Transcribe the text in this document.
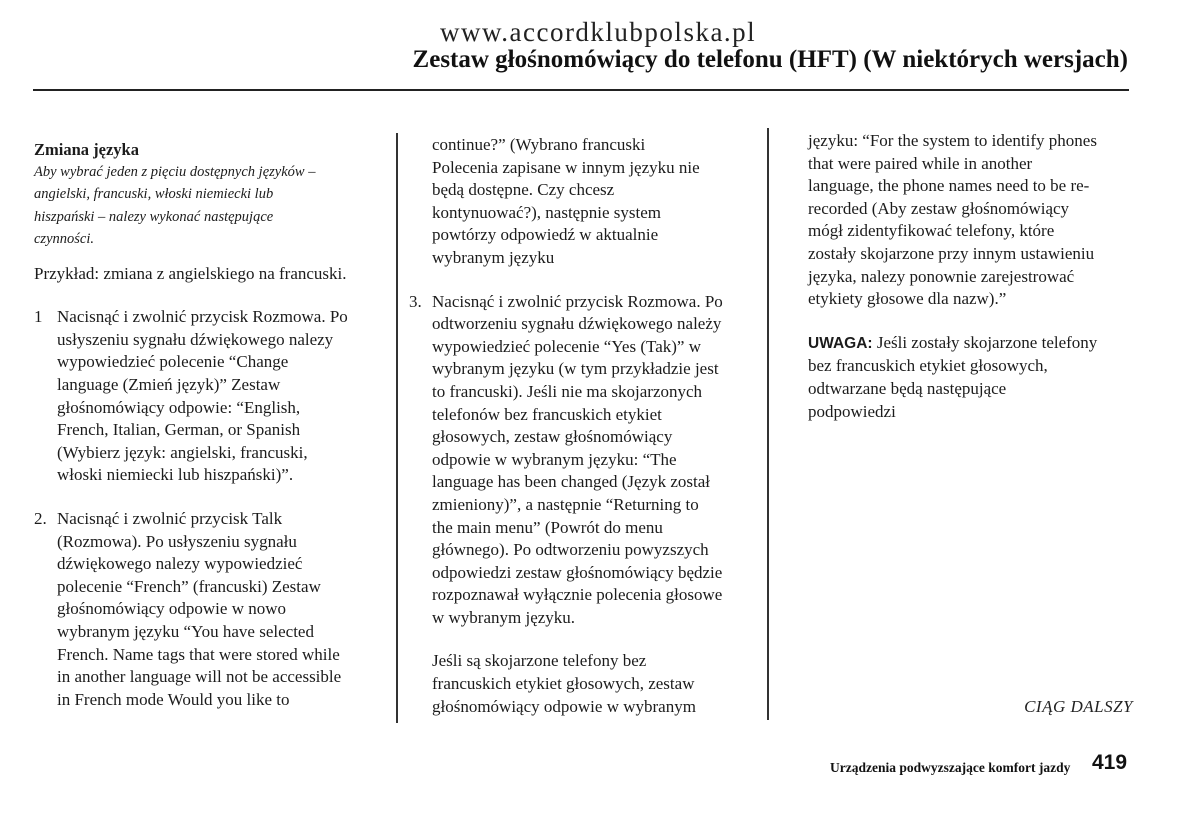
www.accordklubpolska.pl
Zestaw głośnomówiący do telefonu (HFT) (W niektórych wersjach)
Zmiana języka
Aby wybrać jeden z pięciu dostępnych języków –
angielski, francuski, włoski niemiecki lub
hiszpański – nalezy wykonać następujące
czynności.

Przykład: zmiana z angielskiego na francuski.

1 Nacisnąć i zwolnić przycisk Rozmowa. Po
usłyszeniu sygnału dźwiękowego nalezy
wypowiedzieć polecenie “Change
language (Zmień język)” Zestaw
głośnomówiący odpowie: “English,
French, Italian, German, or Spanish
(Wybierz język: angielski, francuski,
włoski niemiecki lub hiszpański)”.
2. Nacisnąć i zwolnić przycisk Talk
(Rozmowa). Po usłyszeniu sygnału
dźwiękowego nalezy wypowiedzieć
polecenie “French” (francuski) Zestaw
głośnomówiący odpowie w nowo
wybranym języku “You have selected
French. Name tags that were stored while
in another language will not be accessible
in French mode Would you like to
continue?” (Wybrano francuski
Polecenia zapisane w innym języku nie
będą dostępne. Czy chcesz
kontynuować?), następnie system
powtórzy odpowiedź w aktualnie
wybranym języku
3. Nacisnąć i zwolnić przycisk Rozmowa. Po
odtworzeniu sygnału dźwiękowego należy
wypowiedzieć polecenie “Yes (Tak)” w
wybranym języku (w tym przykładzie jest
to francuski). Jeśli nie ma skojarzonych
telefonów bez francuskich etykiet
głosowych, zestaw głośnomówiący
odpowie w wybranym języku: “The
language has been changed (Język został
zmieniony)”, a następnie “Returning to
the main menu” (Powrót do menu
głównego). Po odtworzeniu powyzszych
odpowiedzi zestaw głośnomówiący będzie
rozpoznawał wyłącznie polecenia głosowe
w wybranym języku.
Jeśli są skojarzone telefony bez
francuskich etykiet głosowych, zestaw
głośnomówiący odpowie w wybranym
języku: “For the system to identify phones
that were paired while in another
language, the phone names need to be re-
recorded (Aby zestaw głośnomówiący
mógł zidentyfikować telefony, które
zostały skojarzone przy innym ustawieniu
języka, nalezy ponownie zarejestrować
etykiety głosowe dla nazw).”
UWAGA: Jeśli zostały skojarzone telefony
bez francuskich etykiet głosowych,
odtwarzane będą następujące
podpowiedzi
CIĄG DALSZY
Urządzenia podwyzszające komfort jazdy 419
